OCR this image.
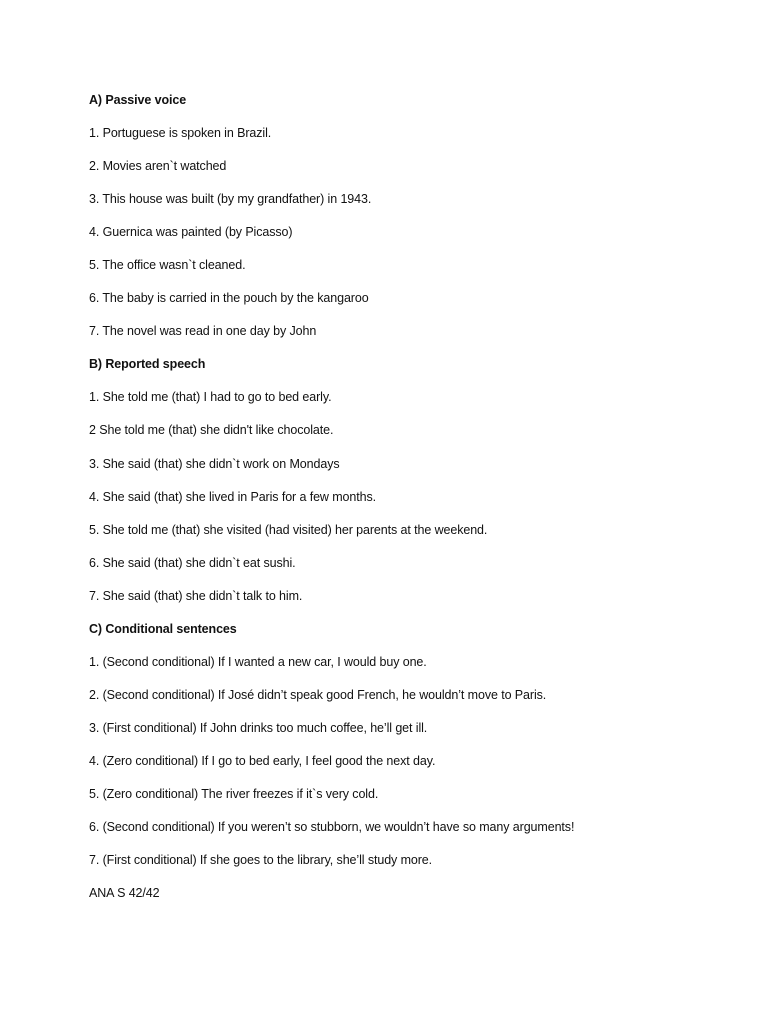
A) Passive voice
1. Portuguese is spoken in Brazil.
2. Movies aren`t watched
3. This house was built (by my grandfather) in 1943.
4. Guernica was painted (by Picasso)
5. The office wasn`t cleaned.
6. The baby is carried in the pouch by the kangaroo
7. The novel was read in one day by John
B) Reported speech
1. She told me (that) I had to go to bed early.
2 She told me (that) she didn't like chocolate.
3. She said (that) she didn`t work on Mondays
4. She said (that) she lived in Paris for a few months.
5. She told me (that) she visited (had visited) her parents at the weekend.
6. She said (that) she didn`t eat sushi.
7. She said (that) she didn`t talk to him.
C) Conditional sentences
1. (Second conditional) If I wanted a new car, I would buy one.
2. (Second conditional) If José didn’t speak good French, he wouldn’t move to Paris.
3. (First conditional) If John drinks too much coffee, he’ll get ill.
4. (Zero conditional) If I go to bed early, I feel good the next day.
5. (Zero conditional) The river freezes if it`s very cold.
6. (Second conditional) If you weren’t so stubborn, we wouldn’t have so many arguments!
7. (First conditional) If she goes to the library, she’ll study more.
ANA S 42/42
